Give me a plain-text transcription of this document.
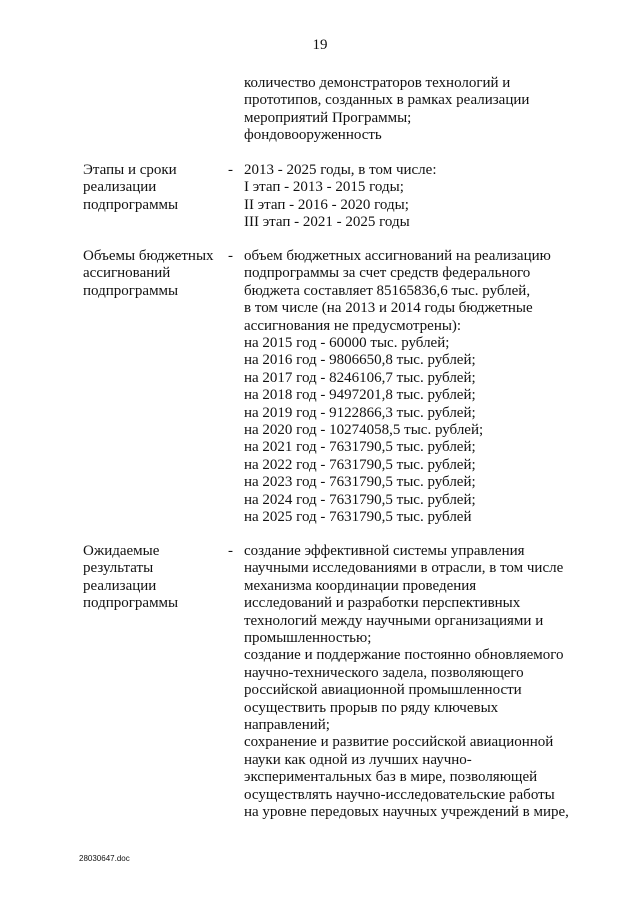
19
количество демонстраторов технологий и
прототипов, созданных в рамках реализации
мероприятий Программы;
фондовооруженность
Этапы и сроки
реализации
подпрограммы
- 2013 - 2025 годы, в том числе:
I этап - 2013 - 2015 годы;
II этап - 2016 - 2020 годы;
III этап - 2021 - 2025 годы
Объемы бюджетных
ассигнований
подпрограммы
- объем бюджетных ассигнований на реализацию
подпрограммы за счет средств федерального
бюджета составляет 85165836,6 тыс. рублей,
в том числе (на 2013 и 2014 годы бюджетные
ассигнования не предусмотрены):
на 2015 год - 60000 тыс. рублей;
на 2016 год - 9806650,8 тыс. рублей;
на 2017 год - 8246106,7 тыс. рублей;
на 2018 год - 9497201,8 тыс. рублей;
на 2019 год - 9122866,3 тыс. рублей;
на 2020 год - 10274058,5 тыс. рублей;
на 2021 год - 7631790,5 тыс. рублей;
на 2022 год - 7631790,5 тыс. рублей;
на 2023 год - 7631790,5 тыс. рублей;
на 2024 год - 7631790,5 тыс. рублей;
на 2025 год - 7631790,5 тыс. рублей
Ожидаемые
результаты
реализации
подпрограммы
- создание эффективной системы управления
научными исследованиями в отрасли, в том числе
механизма координации проведения
исследований и разработки перспективных
технологий между научными организациями и
промышленностью;
создание и поддержание постоянно обновляемого
научно-технического задела, позволяющего
российской авиационной промышленности
осуществить прорыв по ряду ключевых
направлений;
сохранение и развитие российской авиационной
науки как одной из лучших научно-
экспериментальных баз в мире, позволяющей
осуществлять научно-исследовательские работы
на уровне передовых научных учреждений в мире,
28030647.doc
